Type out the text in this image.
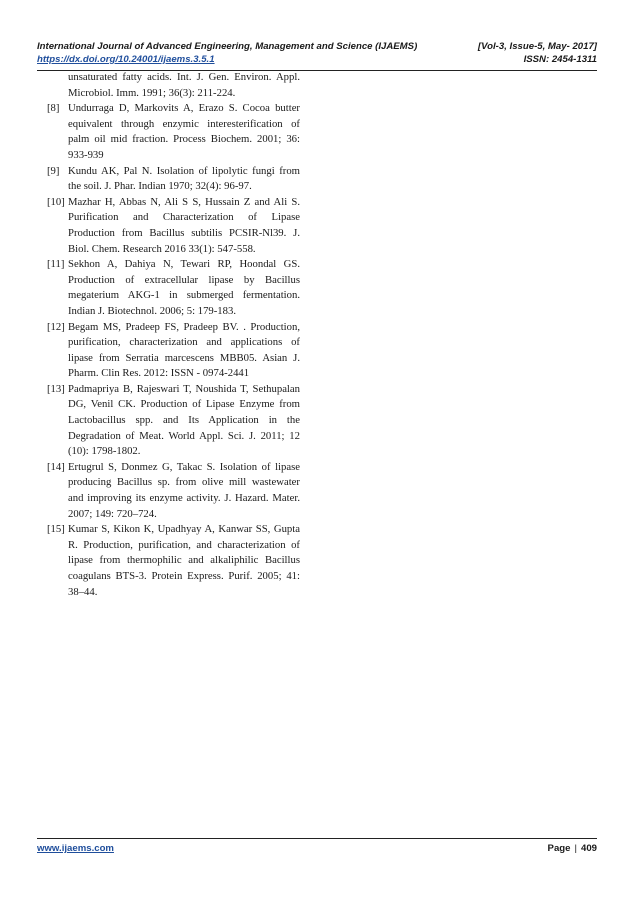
International Journal of Advanced Engineering, Management and Science (IJAEMS)	[Vol-3, Issue-5, May- 2017]
https://dx.doi.org/10.24001/ijaems.3.5.1	ISSN: 2454-1311
unsaturated fatty acids. Int. J. Gen. Environ. Appl. Microbiol. Imm. 1991; 36(3): 211-224.
[8] Undurraga D, Markovits A, Erazo S. Cocoa butter equivalent through enzymic interesterification of palm oil mid fraction. Process Biochem. 2001; 36: 933-939
[9] Kundu AK, Pal N. Isolation of lipolytic fungi from the soil. J. Phar. Indian 1970; 32(4): 96-97.
[10] Mazhar H, Abbas N, Ali S S, Hussain Z and Ali S. Purification and Characterization of Lipase Production from Bacillus subtilis PCSIR-Nl39. J. Biol. Chem. Research 2016 33(1): 547-558.
[11] Sekhon A, Dahiya N, Tewari RP, Hoondal GS. Production of extracellular lipase by Bacillus megaterium AKG-1 in submerged fermentation. Indian J. Biotechnol. 2006; 5: 179-183.
[12] Begam MS, Pradeep FS, Pradeep BV. . Production, purification, characterization and applications of lipase from Serratia marcescens MBB05. Asian J. Pharm. Clin Res. 2012: ISSN - 0974-2441
[13] Padmapriya B, Rajeswari T, Noushida T, Sethupalan DG, Venil CK. Production of Lipase Enzyme from Lactobacillus spp. and Its Application in the Degradation of Meat. World Appl. Sci. J. 2011; 12 (10): 1798-1802.
[14] Ertugrul S, Donmez G, Takac S. Isolation of lipase producing Bacillus sp. from olive mill wastewater and improving its enzyme activity. J. Hazard. Mater. 2007; 149: 720–724.
[15] Kumar S, Kikon K, Upadhyay A, Kanwar SS, Gupta R. Production, purification, and characterization of lipase from thermophilic and alkaliphilic Bacillus coagulans BTS-3. Protein Express. Purif. 2005; 41: 38–44.
www.ijaems.com	Page | 409
